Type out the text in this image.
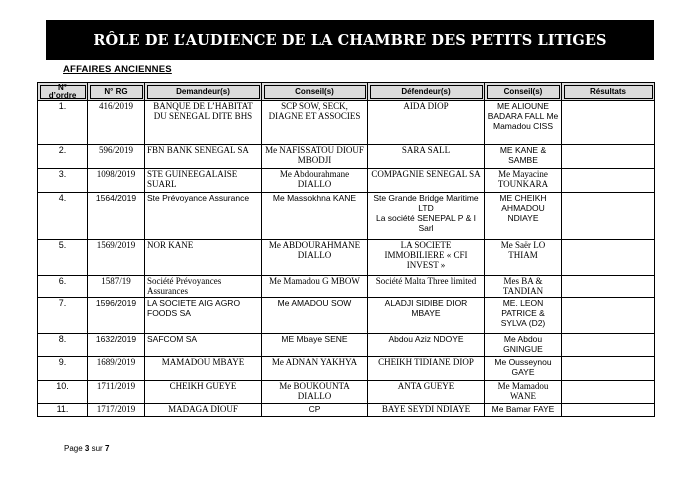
RÔLE DE L’AUDIENCE DE LA CHAMBRE DES PETITS LITIGES
AFFAIRES ANCIENNES
N°
d’ordre	N° RG	Demandeur(s)	Conseil(s)	Défendeur(s)	Conseil(s)	Résultats
1.	416/2019	BANQUE DE L’HABITAT DU SENEGAL DITE BHS	SCP SOW, SECK, DIAGNE ET ASSOCIES	AIDA DIOP	ME ALIOUNE BADARA FALL Me Mamadou CISS	
2.	596/2019	FBN BANK SENEGAL SA	Me NAFISSATOU DIOUF MBODJI	SARA SALL	ME KANE & SAMBE	
3.	1098/2019	STE GUINEEGALAISE SUARL	Me Abdourahmane DIALLO	COMPAGNIE SENEGAL SA	Me Mayacine TOUNKARA	
4.	1564/2019	Ste Prévoyance Assurance	Me Massokhna KANE	Ste Grande Bridge Maritime LTD
La société SENEPAL P & I Sarl	ME CHEIKH AHMADOU NDIAYE	
5.	1569/2019	NOR KANE	Me ABDOURAHMANE DIALLO	LA SOCIETE IMMOBILIERE « CFI INVEST »	Me Saër LO THIAM	
6.	1587/19	Société Prévoyances Assurances	Me Mamadou G MBOW	Société Malta Three limited	Mes BA & TANDIAN	
7.	1596/2019	LA SOCIETE AIG AGRO FOODS SA	Me AMADOU SOW	ALADJI SIDIBE DIOR MBAYE	ME. LEON PATRICE & SYLVA (D2)	
8.	1632/2019	SAFCOM SA	ME Mbaye SENE	Abdou Aziz NDOYE	Me Abdou GNINGUE	
9.	1689/2019	MAMADOU MBAYE	Me ADNAN YAKHYA	CHEIKH TIDIANE DIOP	Me Ousseynou GAYE	
10.	1711/2019	CHEIKH GUEYE	Me BOUKOUNTA DIALLO	ANTA GUEYE	Me Mamadou WANE	
11.	1717/2019	MADAGA DIOUF	CP	BAYE SEYDI NDIAYE	Me Bamar FAYE	
Page 3 sur 7
